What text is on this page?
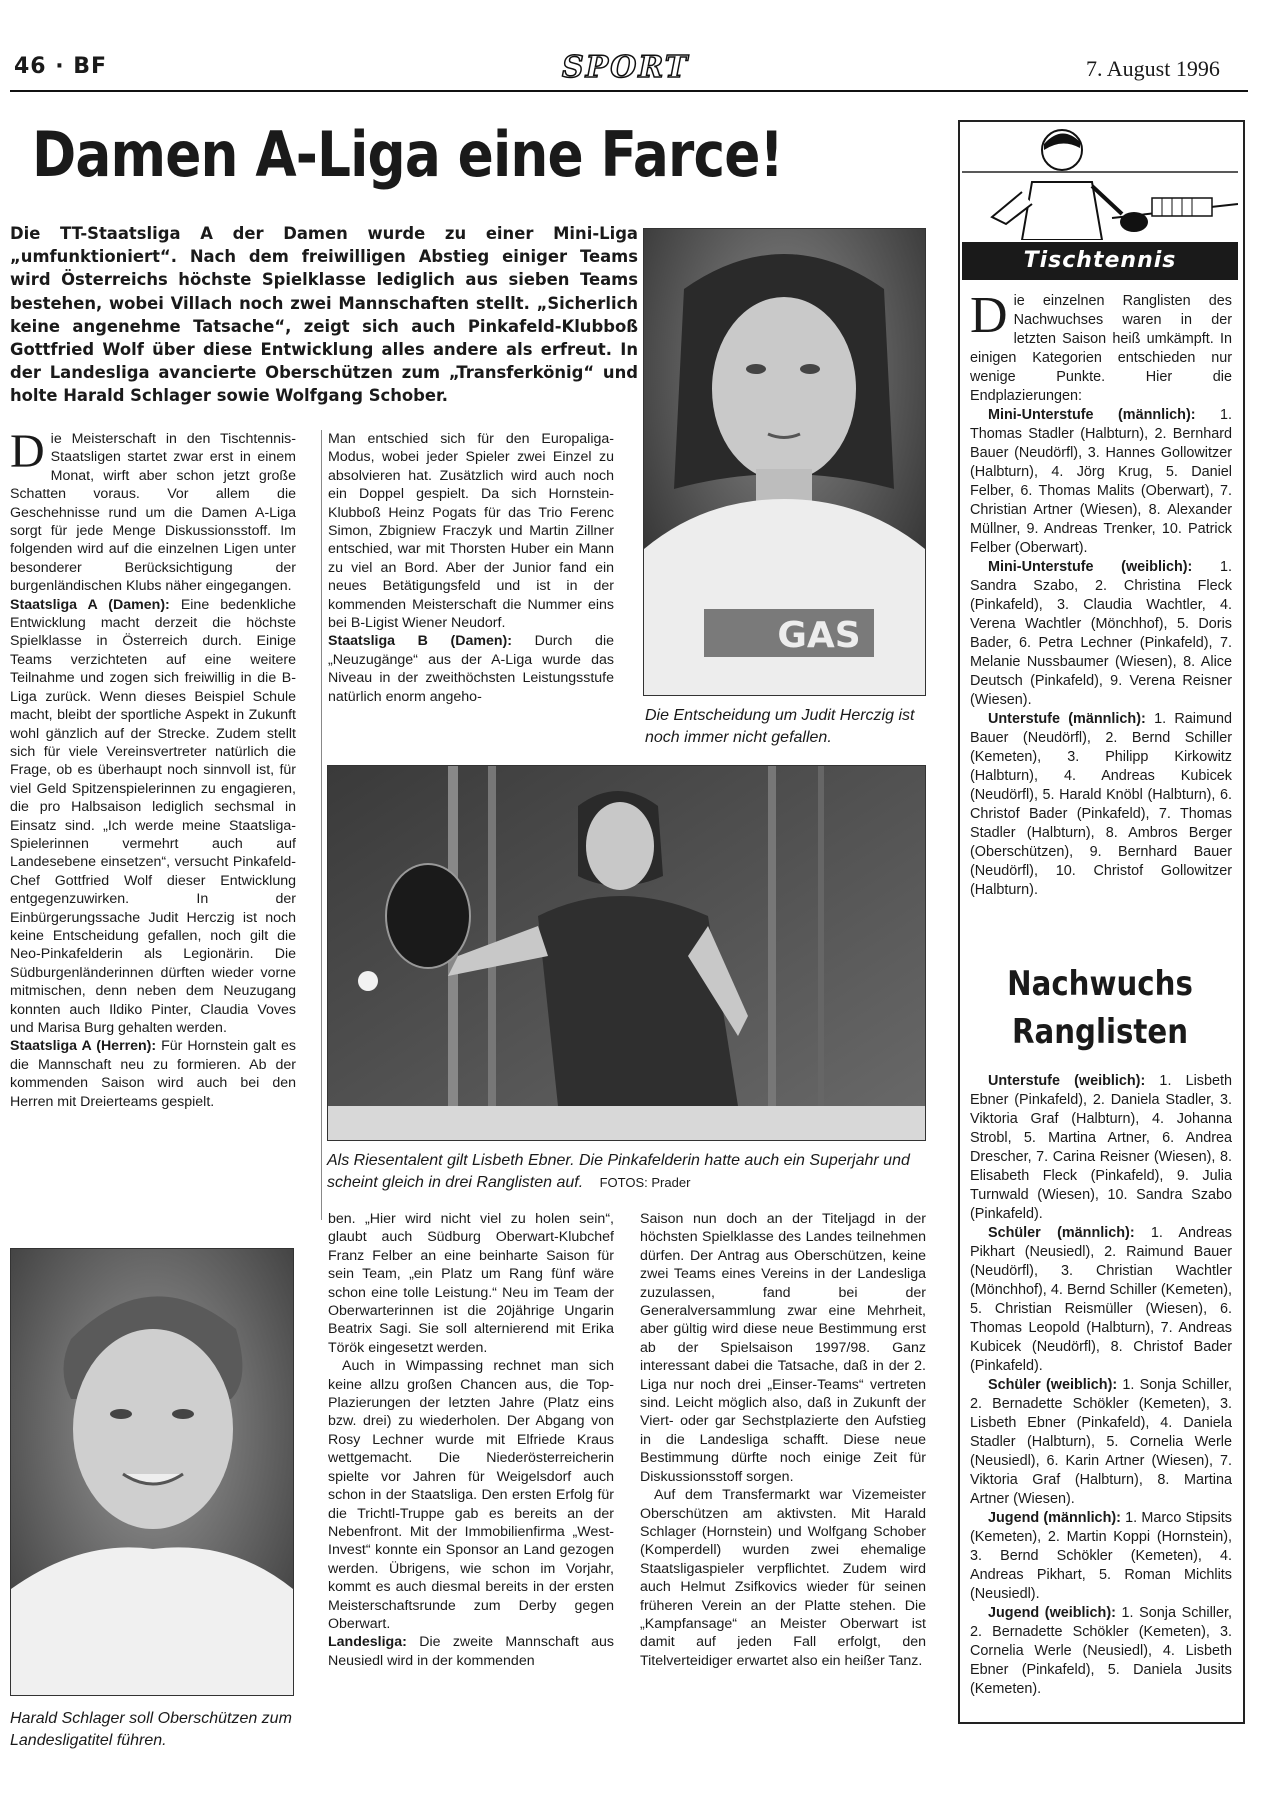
46 · BF	SPORT	7. August 1996
Damen A-Liga eine Farce!
Die TT-Staatsliga A der Damen wurde zu einer Mini-Liga „umfunktioniert“. Nach dem freiwilligen Abstieg einiger Teams wird Österreichs höchste Spielklasse lediglich aus sieben Teams bestehen, wobei Villach noch zwei Mannschaften stellt. „Sicherlich keine angenehme Tatsache“, zeigt sich auch Pinkafeld-Klubboß Gottfried Wolf über diese Entwicklung alles andere als erfreut. In der Landesliga avancierte Oberschützen zum „Transferkönig“ und holte Harald Schlager sowie Wolfgang Schober.
GAS
Die Entscheidung um Judit Herczig ist noch immer nicht gefallen.

Die Meisterschaft in den Tischtennis-Staatsligen startet zwar erst in einem Monat, wirft aber schon jetzt große Schatten voraus. Vor allem die Geschehnisse rund um die Damen A-Liga sorgt für jede Menge Diskussionsstoff. Im folgenden wird auf die einzelnen Ligen unter besonderer Berücksichtigung der burgenländischen Klubs näher eingegangen.

Staatsliga A (Damen): Eine bedenkliche Entwicklung macht derzeit die höchste Spielklasse in Österreich durch. Einige Teams verzichteten auf eine weitere Teilnahme und zogen sich freiwillig in die B-Liga zurück. Wenn dieses Beispiel Schule macht, bleibt der sportliche Aspekt in Zukunft wohl gänzlich auf der Strecke. Zudem stellt sich für viele Vereinsvertreter natürlich die Frage, ob es überhaupt noch sinnvoll ist, für viel Geld Spitzenspielerinnen zu engagieren, die pro Halbsaison lediglich sechsmal in Einsatz sind. „Ich werde meine Staatsliga-Spielerinnen vermehrt auch auf Landesebene einsetzen“, versucht Pinkafeld-Chef Gottfried Wolf dieser Entwicklung entgegenzuwirken. In der Einbürgerungssache Judit Herczig ist noch keine Entscheidung gefallen, noch gilt die Neo-Pinkafelderin als Legionärin. Die Südburgenländerinnen dürften wieder vorne mitmischen, denn neben dem Neuzugang konnten auch Ildiko Pinter, Claudia Voves und Marisa Burg gehalten werden.

Staatsliga A (Herren): Für Hornstein galt es die Mannschaft neu zu formieren. Ab der kommenden Saison wird auch bei den Herren mit Dreierteams gespielt.

Man entschied sich für den Europaliga-Modus, wobei jeder Spieler zwei Einzel zu absolvieren hat. Zusätzlich wird auch noch ein Doppel gespielt. Da sich Hornstein-Klubboß Heinz Pogats für das Trio Ferenc Simon, Zbigniew Fraczyk und Martin Zillner entschied, war mit Thorsten Huber ein Mann zu viel an Bord. Aber der Junior fand ein neues Betätigungsfeld und ist in der kommenden Meisterschaft die Nummer eins bei B-Ligist Wiener Neudorf.

Staatsliga B (Damen): Durch die „Neuzugänge“ aus der A-Liga wurde das Niveau in der zweithöchsten Leistungsstufe natürlich enorm angeho-

Als Riesentalent gilt Lisbeth Ebner. Die Pinkafelderin hatte auch ein Superjahr und scheint gleich in drei Ranglisten auf. FOTOS: Prader
Harald Schlager soll Oberschützen zum Landesligatitel führen.

ben. „Hier wird nicht viel zu holen sein“, glaubt auch Südburg Oberwart-Klubchef Franz Felber an eine beinharte Saison für sein Team, „ein Platz um Rang fünf wäre schon eine tolle Leistung.“ Neu im Team der Oberwarterinnen ist die 20jährige Ungarin Beatrix Sagi. Sie soll alternierend mit Erika Török eingesetzt werden.

Auch in Wimpassing rechnet man sich keine allzu großen Chancen aus, die Top-Plazierungen der letzten Jahre (Platz eins bzw. drei) zu wiederholen. Der Abgang von Rosy Lechner wurde mit Elfriede Kraus wettgemacht. Die Niederösterreicherin spielte vor Jahren für Weigelsdorf auch schon in der Staatsliga. Den ersten Erfolg für die Trichtl-Truppe gab es bereits an der Nebenfront. Mit der Immobilienfirma „West-Invest“ konnte ein Sponsor an Land gezogen werden. Übrigens, wie schon im Vorjahr, kommt es auch diesmal bereits in der ersten Meisterschaftsrunde zum Derby gegen Oberwart.

Landesliga: Die zweite Mannschaft aus Neusiedl wird in der kommenden

Saison nun doch an der Titeljagd in der höchsten Spielklasse des Landes teilnehmen dürfen. Der Antrag aus Oberschützen, keine zwei Teams eines Vereins in der Landesliga zuzulassen, fand bei der Generalversammlung zwar eine Mehrheit, aber gültig wird diese neue Bestimmung erst ab der Spielsaison 1997/98. Ganz interessant dabei die Tatsache, daß in der 2. Liga nur noch drei „Einser-Teams“ vertreten sind. Leicht möglich also, daß in Zukunft der Viert- oder gar Sechstplazierte den Aufstieg in die Landesliga schafft. Diese neue Bestimmung dürfte noch einige Zeit für Diskussionsstoff sorgen.

Auf dem Transfermarkt war Vizemeister Oberschützen am aktivsten. Mit Harald Schlager (Hornstein) und Wolfgang Schober (Komperdell) wurden zwei ehemalige Staatsligaspieler verpflichtet. Zudem wird auch Helmut Zsifkovics wieder für seinen früheren Verein an der Platte stehen. Die „Kampfansage“ an Meister Oberwart ist damit auf jeden Fall erfolgt, den Titelverteidiger erwartet also ein heißer Tanz.

Tischtennis

Die einzelnen Ranglisten des Nachwuchses waren in der letzten Saison heiß umkämpft. In einigen Kategorien entschieden nur wenige Punkte. Hier die Endplazierungen:

Mini-Unterstufe (männlich): 1. Thomas Stadler (Halbturn), 2. Bernhard Bauer (Neudörfl), 3. Hannes Gollowitzer (Halbturn), 4. Jörg Krug, 5. Daniel Felber, 6. Thomas Malits (Oberwart), 7. Christian Artner (Wiesen), 8. Alexander Müllner, 9. Andreas Trenker, 10. Patrick Felber (Oberwart).

Mini-Unterstufe (weiblich): 1. Sandra Szabo, 2. Christina Fleck (Pinkafeld), 3. Claudia Wachtler, 4. Verena Wachtler (Mönchhof), 5. Doris Bader, 6. Petra Lechner (Pinkafeld), 7. Melanie Nussbaumer (Wiesen), 8. Alice Deutsch (Pinkafeld), 9. Verena Reisner (Wiesen).

Unterstufe (männlich): 1. Raimund Bauer (Neudörfl), 2. Bernd Schiller (Kemeten), 3. Philipp Kirkowitz (Halbturn), 4. Andreas Kubicek (Neudörfl), 5. Harald Knöbl (Halbturn), 6. Christof Bader (Pinkafeld), 7. Thomas Stadler (Halbturn), 8. Ambros Berger (Oberschützen), 9. Bernhard Bauer (Neudörfl), 10. Christof Gollowitzer (Halbturn).

Nachwuchs Ranglisten

Unterstufe (weiblich): 1. Lisbeth Ebner (Pinkafeld), 2. Daniela Stadler, 3. Viktoria Graf (Halbturn), 4. Johanna Strobl, 5. Martina Artner, 6. Andrea Drescher, 7. Carina Reisner (Wiesen), 8. Elisabeth Fleck (Pinkafeld), 9. Julia Turnwald (Wiesen), 10. Sandra Szabo (Pinkafeld).

Schüler (männlich): 1. Andreas Pikhart (Neusiedl), 2. Raimund Bauer (Neudörfl), 3. Christian Wachtler (Mönchhof), 4. Bernd Schiller (Kemeten), 5. Christian Reismüller (Wiesen), 6. Thomas Leopold (Halbturn), 7. Andreas Kubicek (Neudörfl), 8. Christof Bader (Pinkafeld).

Schüler (weiblich): 1. Sonja Schiller, 2. Bernadette Schökler (Kemeten), 3. Lisbeth Ebner (Pinkafeld), 4. Daniela Stadler (Halbturn), 5. Cornelia Werle (Neusiedl), 6. Karin Artner (Wiesen), 7. Viktoria Graf (Halbturn), 8. Martina Artner (Wiesen).

Jugend (männlich): 1. Marco Stipsits (Kemeten), 2. Martin Koppi (Hornstein), 3. Bernd Schökler (Kemeten), 4. Andreas Pikhart, 5. Roman Michlits (Neusiedl).

Jugend (weiblich): 1. Sonja Schiller, 2. Bernadette Schökler (Kemeten), 3. Cornelia Werle (Neusiedl), 4. Lisbeth Ebner (Pinkafeld), 5. Daniela Jusits (Kemeten).
